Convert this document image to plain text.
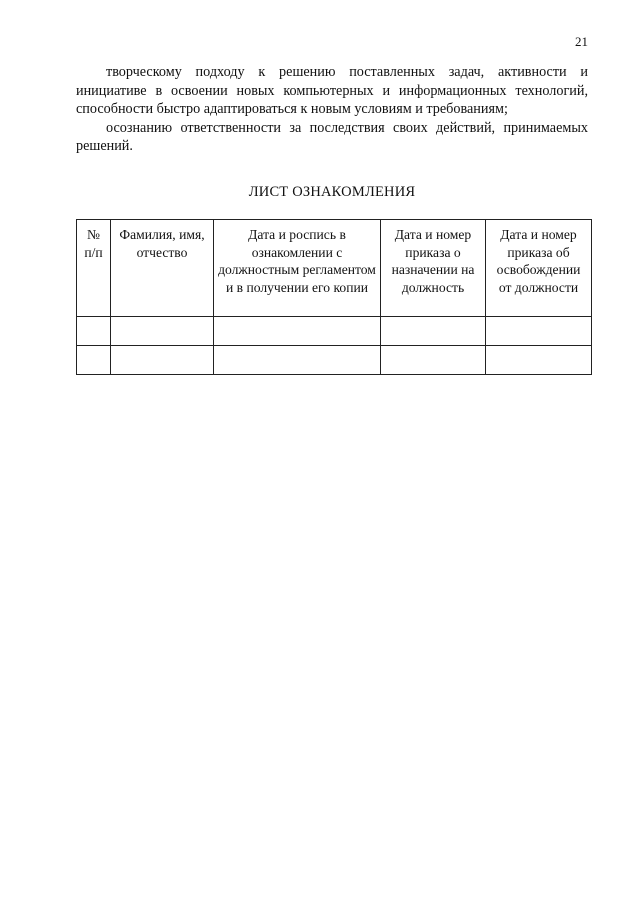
21

творческому подходу к решению поставленных задач, активности и инициативе в освоении новых компьютерных и информационных технологий, способности быстро адаптироваться к новым условиям и требованиям;

осознанию ответственности за последствия своих действий, принимаемых решений.

ЛИСТ ОЗНАКОМЛЕНИЯ
№ п/п	Фамилия, имя, отчество	Дата и роспись в ознакомлении с должностным регламентом и в получении его копии	Дата и номер приказа о назначении на должность	Дата и номер приказа об освобождении от должности
